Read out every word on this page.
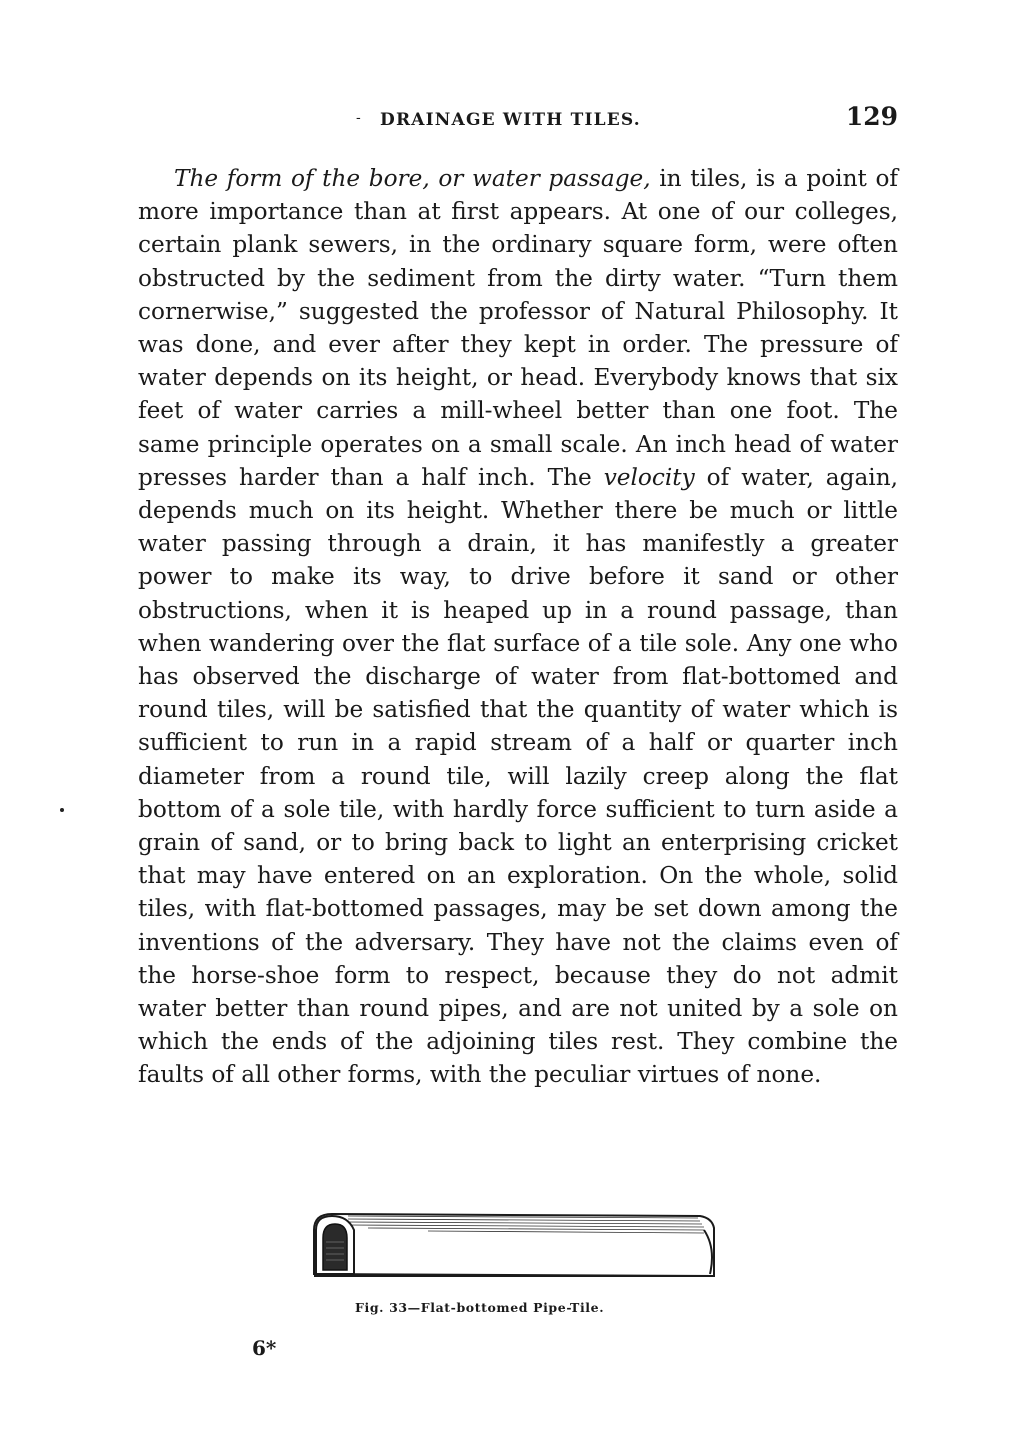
- DRAINAGE WITH TILES.	129

The form of the bore, or water passage, in tiles, is a point of more importance than at first appears. At one of our colleges, certain plank sewers, in the ordinary square form, were often obstructed by the sediment from the dirty water. “Turn them cornerwise,” suggested the professor of Natural Philosophy. It was done, and ever after they kept in order. The pressure of water depends on its height, or head. Everybody knows that six feet of water carries a mill-wheel better than one foot. The same principle operates on a small scale. An inch head of water presses harder than a half inch. The velocity of water, again, depends much on its height. Whether there be much or little water passing through a drain, it has manifestly a greater power to make its way, to drive before it sand or other obstructions, when it is heaped up in a round passage, than when wandering over the flat surface of a tile sole. Any one who has observed the discharge of water from flat-bottomed and round tiles, will be satisfied that the quantity of water which is sufficient to run in a rapid stream of a half or quarter inch diameter from a round tile, will lazily creep along the flat bottom of a sole tile, with hardly force sufficient to turn aside a grain of sand, or to bring back to light an enterprising cricket that may have entered on an exploration. On the whole, solid tiles, with flat-bottomed passages, may be set down among the inventions of the adversary. They have not the claims even of the horse-shoe form to respect, because they do not admit water better than round pipes, and are not united by a sole on which the ends of the adjoining tiles rest. They combine the faults of all other forms, with the peculiar virtues of none.

Fig. 33—Flat-bottomed Pipe-Tile.
6*
